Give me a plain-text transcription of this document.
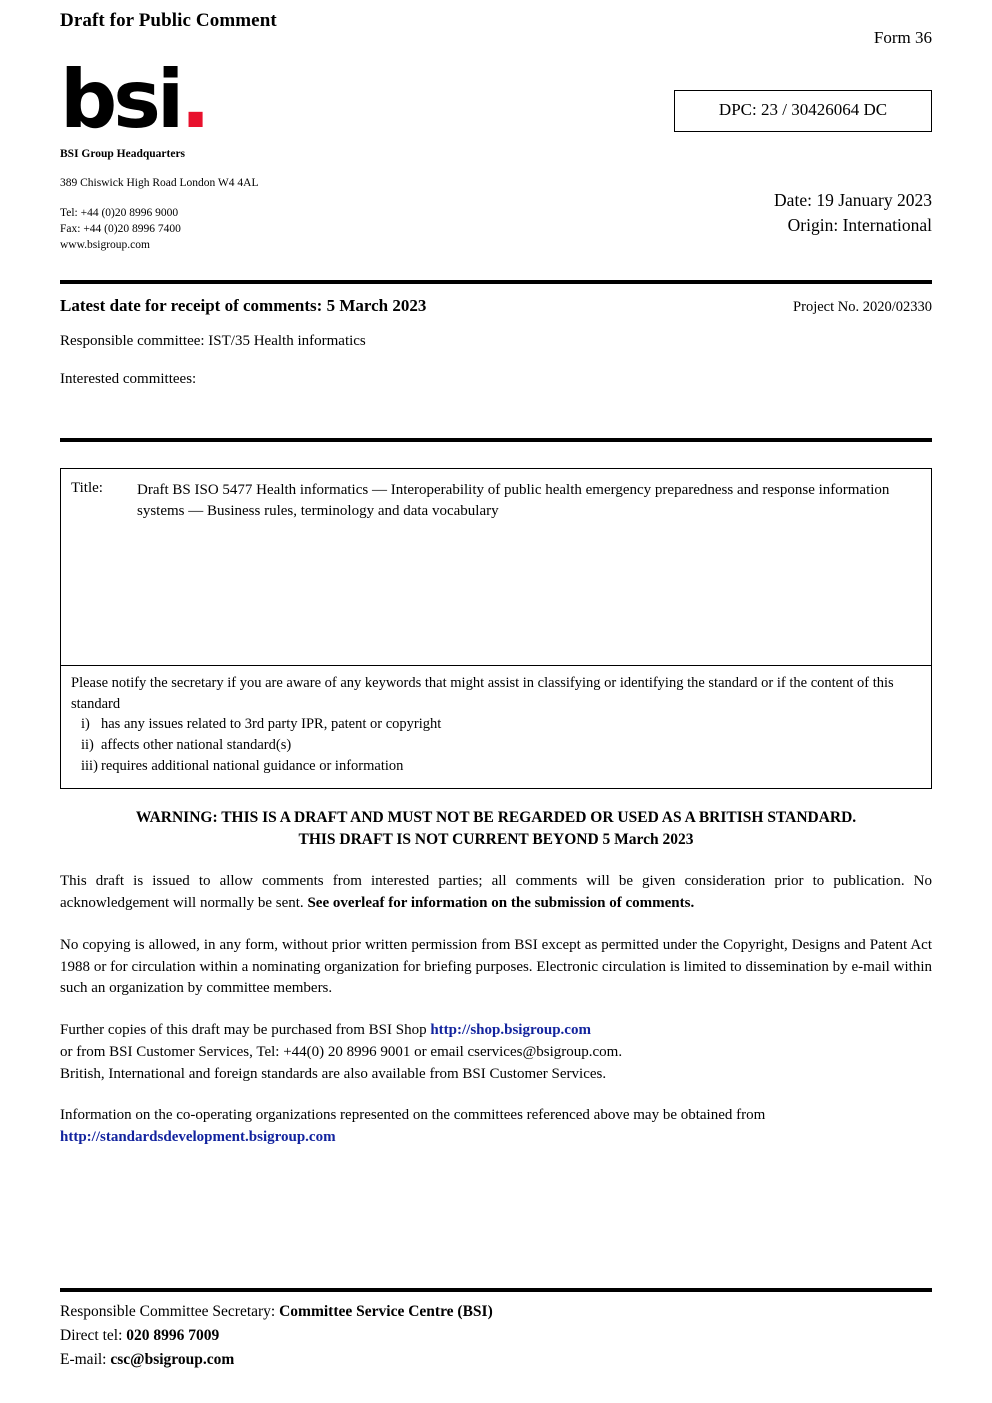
Draft for Public Comment
Form 36
bsi.	DPC: 23 / 30426064 DC
BSI Group Headquarters
389 Chiswick High Road London W4 4AL
Tel: +44 (0)20 8996 9000
Fax: +44 (0)20 8996 7400
www.bsigroup.com
Date: 19 January 2023
Origin: International
Latest date for receipt of comments: 5 March 2023	Project No. 2020/02330
Responsible committee: IST/35 Health informatics
Interested committees:
Title:	Draft BS ISO 5477 Health informatics — Interoperability of public health emergency preparedness and response information systems — Business rules, terminology and data vocabulary
Please notify the secretary if you are aware of any keywords that might assist in classifying or identifying the standard or if the content of this standard
i) has any issues related to 3rd party IPR, patent or copyright
ii) affects other national standard(s)
iii) requires additional national guidance or information
WARNING: THIS IS A DRAFT AND MUST NOT BE REGARDED OR USED AS A BRITISH STANDARD.
THIS DRAFT IS NOT CURRENT BEYOND 5 March 2023
This draft is issued to allow comments from interested parties; all comments will be given consideration prior to publication. No acknowledgement will normally be sent. See overleaf for information on the submission of comments.
No copying is allowed, in any form, without prior written permission from BSI except as permitted under the Copyright, Designs and Patent Act 1988 or for circulation within a nominating organization for briefing purposes. Electronic circulation is limited to dissemination by e-mail within such an organization by committee members.
Further copies of this draft may be purchased from BSI Shop http://shop.bsigroup.com
or from BSI Customer Services, Tel: +44(0) 20 8996 9001 or email cservices@bsigroup.com.
British, International and foreign standards are also available from BSI Customer Services.
Information on the co-operating organizations represented on the committees referenced above may be obtained from
http://standardsdevelopment.bsigroup.com
Responsible Committee Secretary: Committee Service Centre (BSI)
Direct tel: 020 8996 7009
E-mail: csc@bsigroup.com
